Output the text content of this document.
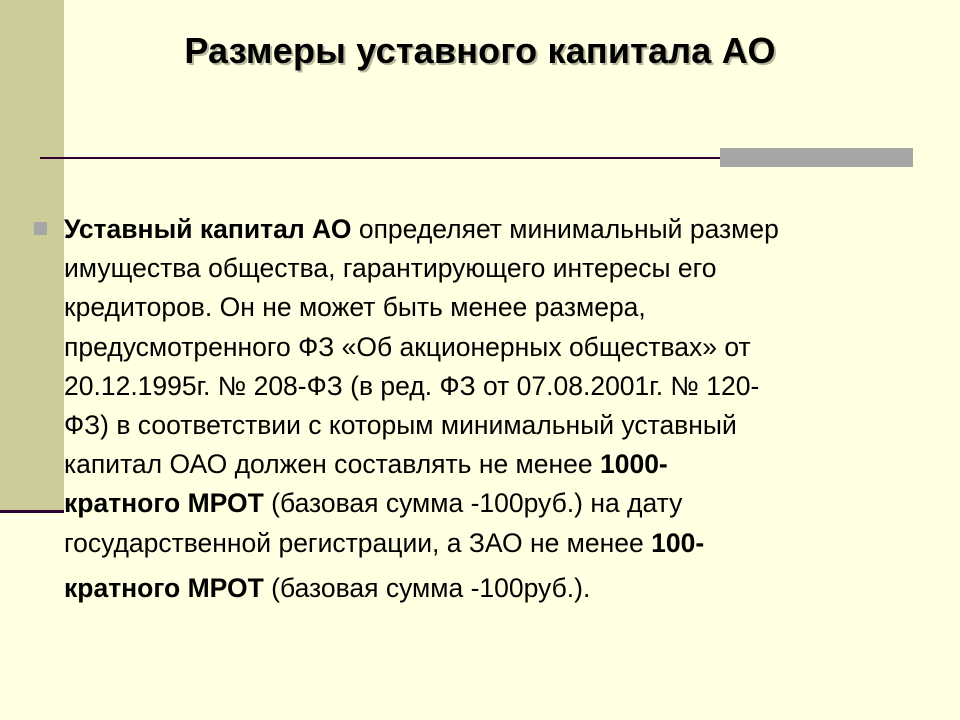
Размеры уставного капитала АО
Уставный капитал АО определяет минимальный размер
имущества общества, гарантирующего интересы его
кредиторов. Он не может быть менее размера,
предусмотренного ФЗ «Об акционерных обществах» от
20.12.1995г. № 208-ФЗ (в ред. ФЗ от 07.08.2001г. № 120-
ФЗ) в соответствии с которым минимальный уставный
капитал ОАО должен составлять не менее 1000-
кратного МРОТ (базовая сумма -100руб.) на дату
государственной регистрации, а ЗАО не менее 100-
кратного МРОТ (базовая сумма -100руб.).
